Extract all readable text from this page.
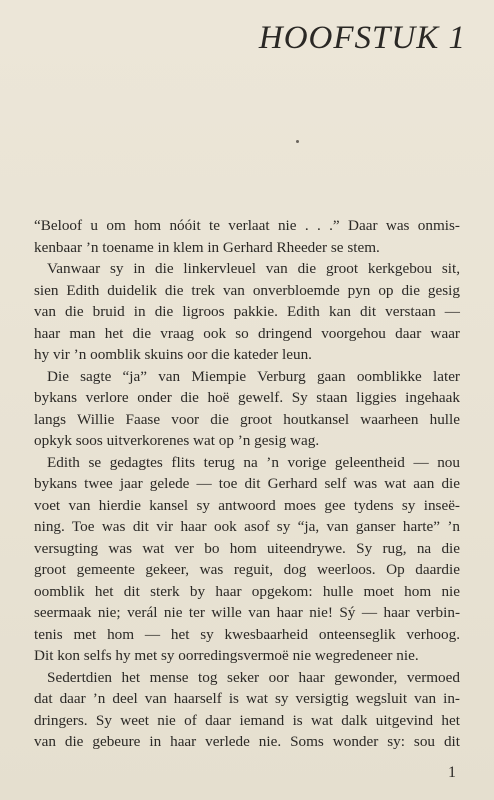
HOOFSTUK 1
“Beloof u om hom nóóit te verlaat nie . . .” Daar was onmis-
kenbaar ’n toename in klem in Gerhard Rheeder se stem.
Vanwaar sy in die linkervleuel van die groot kerkgebou sit,
sien Edith duidelik die trek van onverbloemde pyn op die gesig
van die bruid in die ligroos pakkie. Edith kan dit verstaan —
haar man het die vraag ook so dringend voorgehou daar waar
hy vir ’n oomblik skuins oor die kateder leun.
Die sagte “ja” van Miempie Verburg gaan oomblikke later
bykans verlore onder die hoë gewelf. Sy staan liggies ingehaak
langs Willie Faase voor die groot houtkansel waarheen hulle
opkyk soos uitverkorenes wat op ’n gesig wag.
Edith se gedagtes flits terug na ’n vorige geleentheid — nou
bykans twee jaar gelede — toe dit Gerhard self was wat aan die
voet van hierdie kansel sy antwoord moes gee tydens sy inseë-
ning. Toe was dit vir haar ook asof sy “ja, van ganser harte” ’n
versugting was wat ver bo hom uiteendrywe. Sy rug, na die
groot gemeente gekeer, was reguit, dog weerloos. Op daardie
oomblik het dit sterk by haar opgekom: hulle moet hom nie
seermaak nie; verál nie ter wille van haar nie! Sý — haar verbin-
tenis met hom — het sy kwesbaarheid onteenseglik verhoog.
Dit kon selfs hy met sy oorredingsvermoë nie wegredeneer nie.
Sedertdien het mense tog seker oor haar gewonder, vermoed
dat daar ’n deel van haarself is wat sy versigtig wegsluit van in-
dringers. Sy weet nie of daar iemand is wat dalk uitgevind het
van die gebeure in haar verlede nie. Soms wonder sy: sou dit
1
